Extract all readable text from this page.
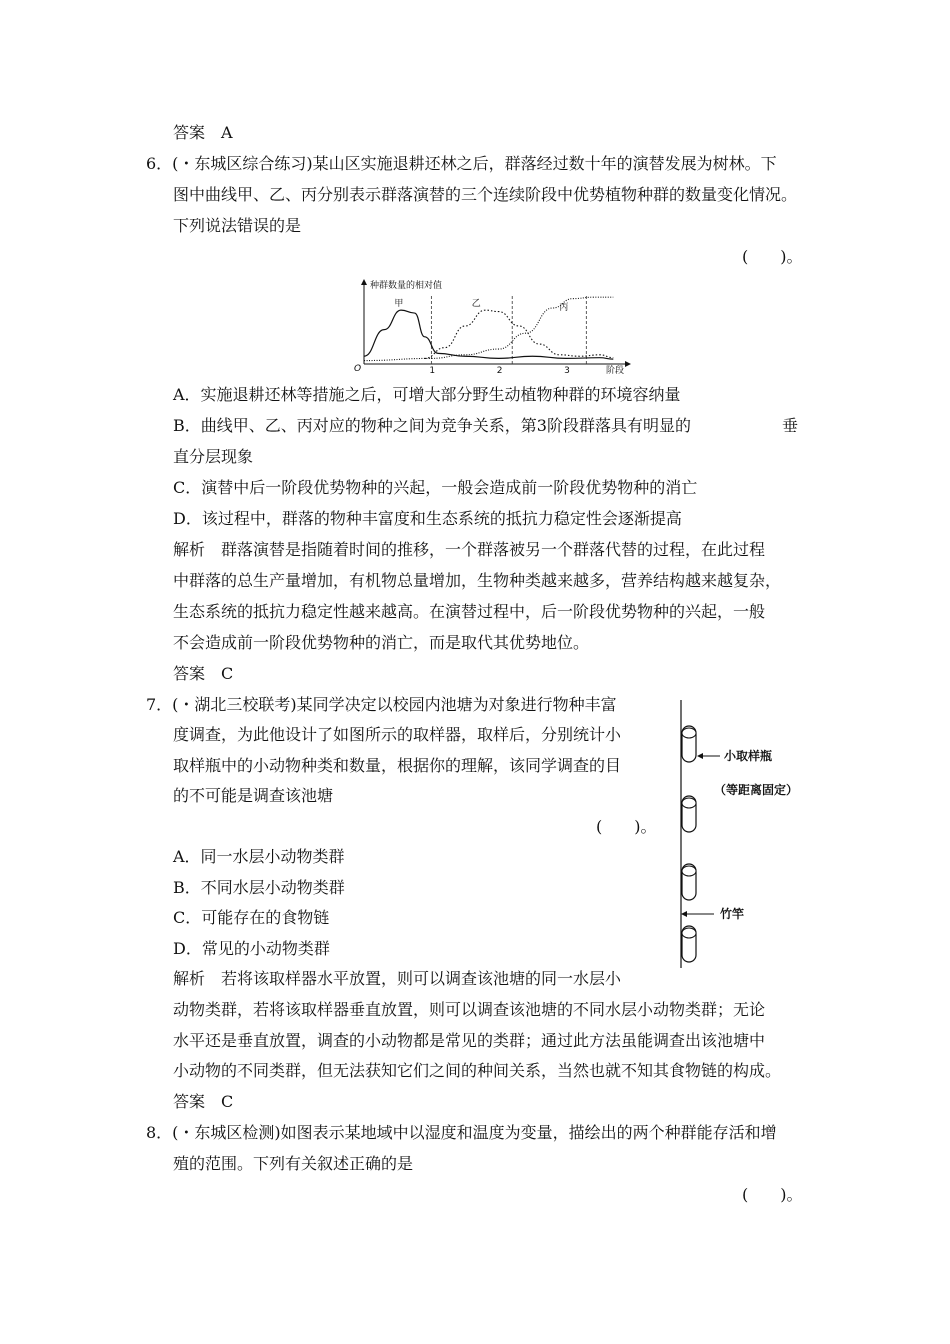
答案　A
6．(・东城区综合练习)某山区实施退耕还林之后，群落经过数十年的演替发展为树林。下
图中曲线甲、乙、丙分别表示群落演替的三个连续阶段中优势植物种群的数量变化情况。
下列说法错误的是
(　　)。
种群数量的相对值
O	阶段
1	2	3
甲	乙	丙
A．实施退耕还林等措施之后，可增大部分野生动植物种群的环境容纳量
B．曲线甲、乙、丙对应的物种之间为竞争关系，第3阶段群落具有明显的	垂
直分层现象
C．演替中后一阶段优势物种的兴起，一般会造成前一阶段优势物种的消亡
D．该过程中，群落的物种丰富度和生态系统的抵抗力稳定性会逐渐提高
解析　群落演替是指随着时间的推移，一个群落被另一个群落代替的过程，在此过程
中群落的总生产量增加，有机物总量增加，生物种类越来越多，营养结构越来越复杂，
生态系统的抵抗力稳定性越来越高。在演替过程中，后一阶段优势物种的兴起，一般
不会造成前一阶段优势物种的消亡，而是取代其优势地位。
答案　C
7．(・湖北三校联考)某同学决定以校园内池塘为对象进行物种丰富
度调查，为此他设计了如图所示的取样器，取样后，分别统计小
取样瓶中的小动物种类和数量，根据你的理解，该同学调查的目
的不可能是调查该池塘
(　　)。
A．同一水层小动物类群
B．不同水层小动物类群
C．可能存在的食物链
D．常见的小动物类群
解析　若将该取样器水平放置，则可以调查该池塘的同一水层小
动物类群，若将该取样器垂直放置，则可以调查该池塘的不同水层小动物类群；无论
水平还是垂直放置，调查的小动物都是常见的类群；通过此方法虽能调查出该池塘中
小动物的不同类群，但无法获知它们之间的种间关系，当然也就不知其食物链的构成。
答案　C
小取样瓶
（等距离固定）
竹竿
8．(・东城区检测)如图表示某地域中以湿度和温度为变量，描绘出的两个种群能存活和增
殖的范围。下列有关叙述正确的是
(　　)。
